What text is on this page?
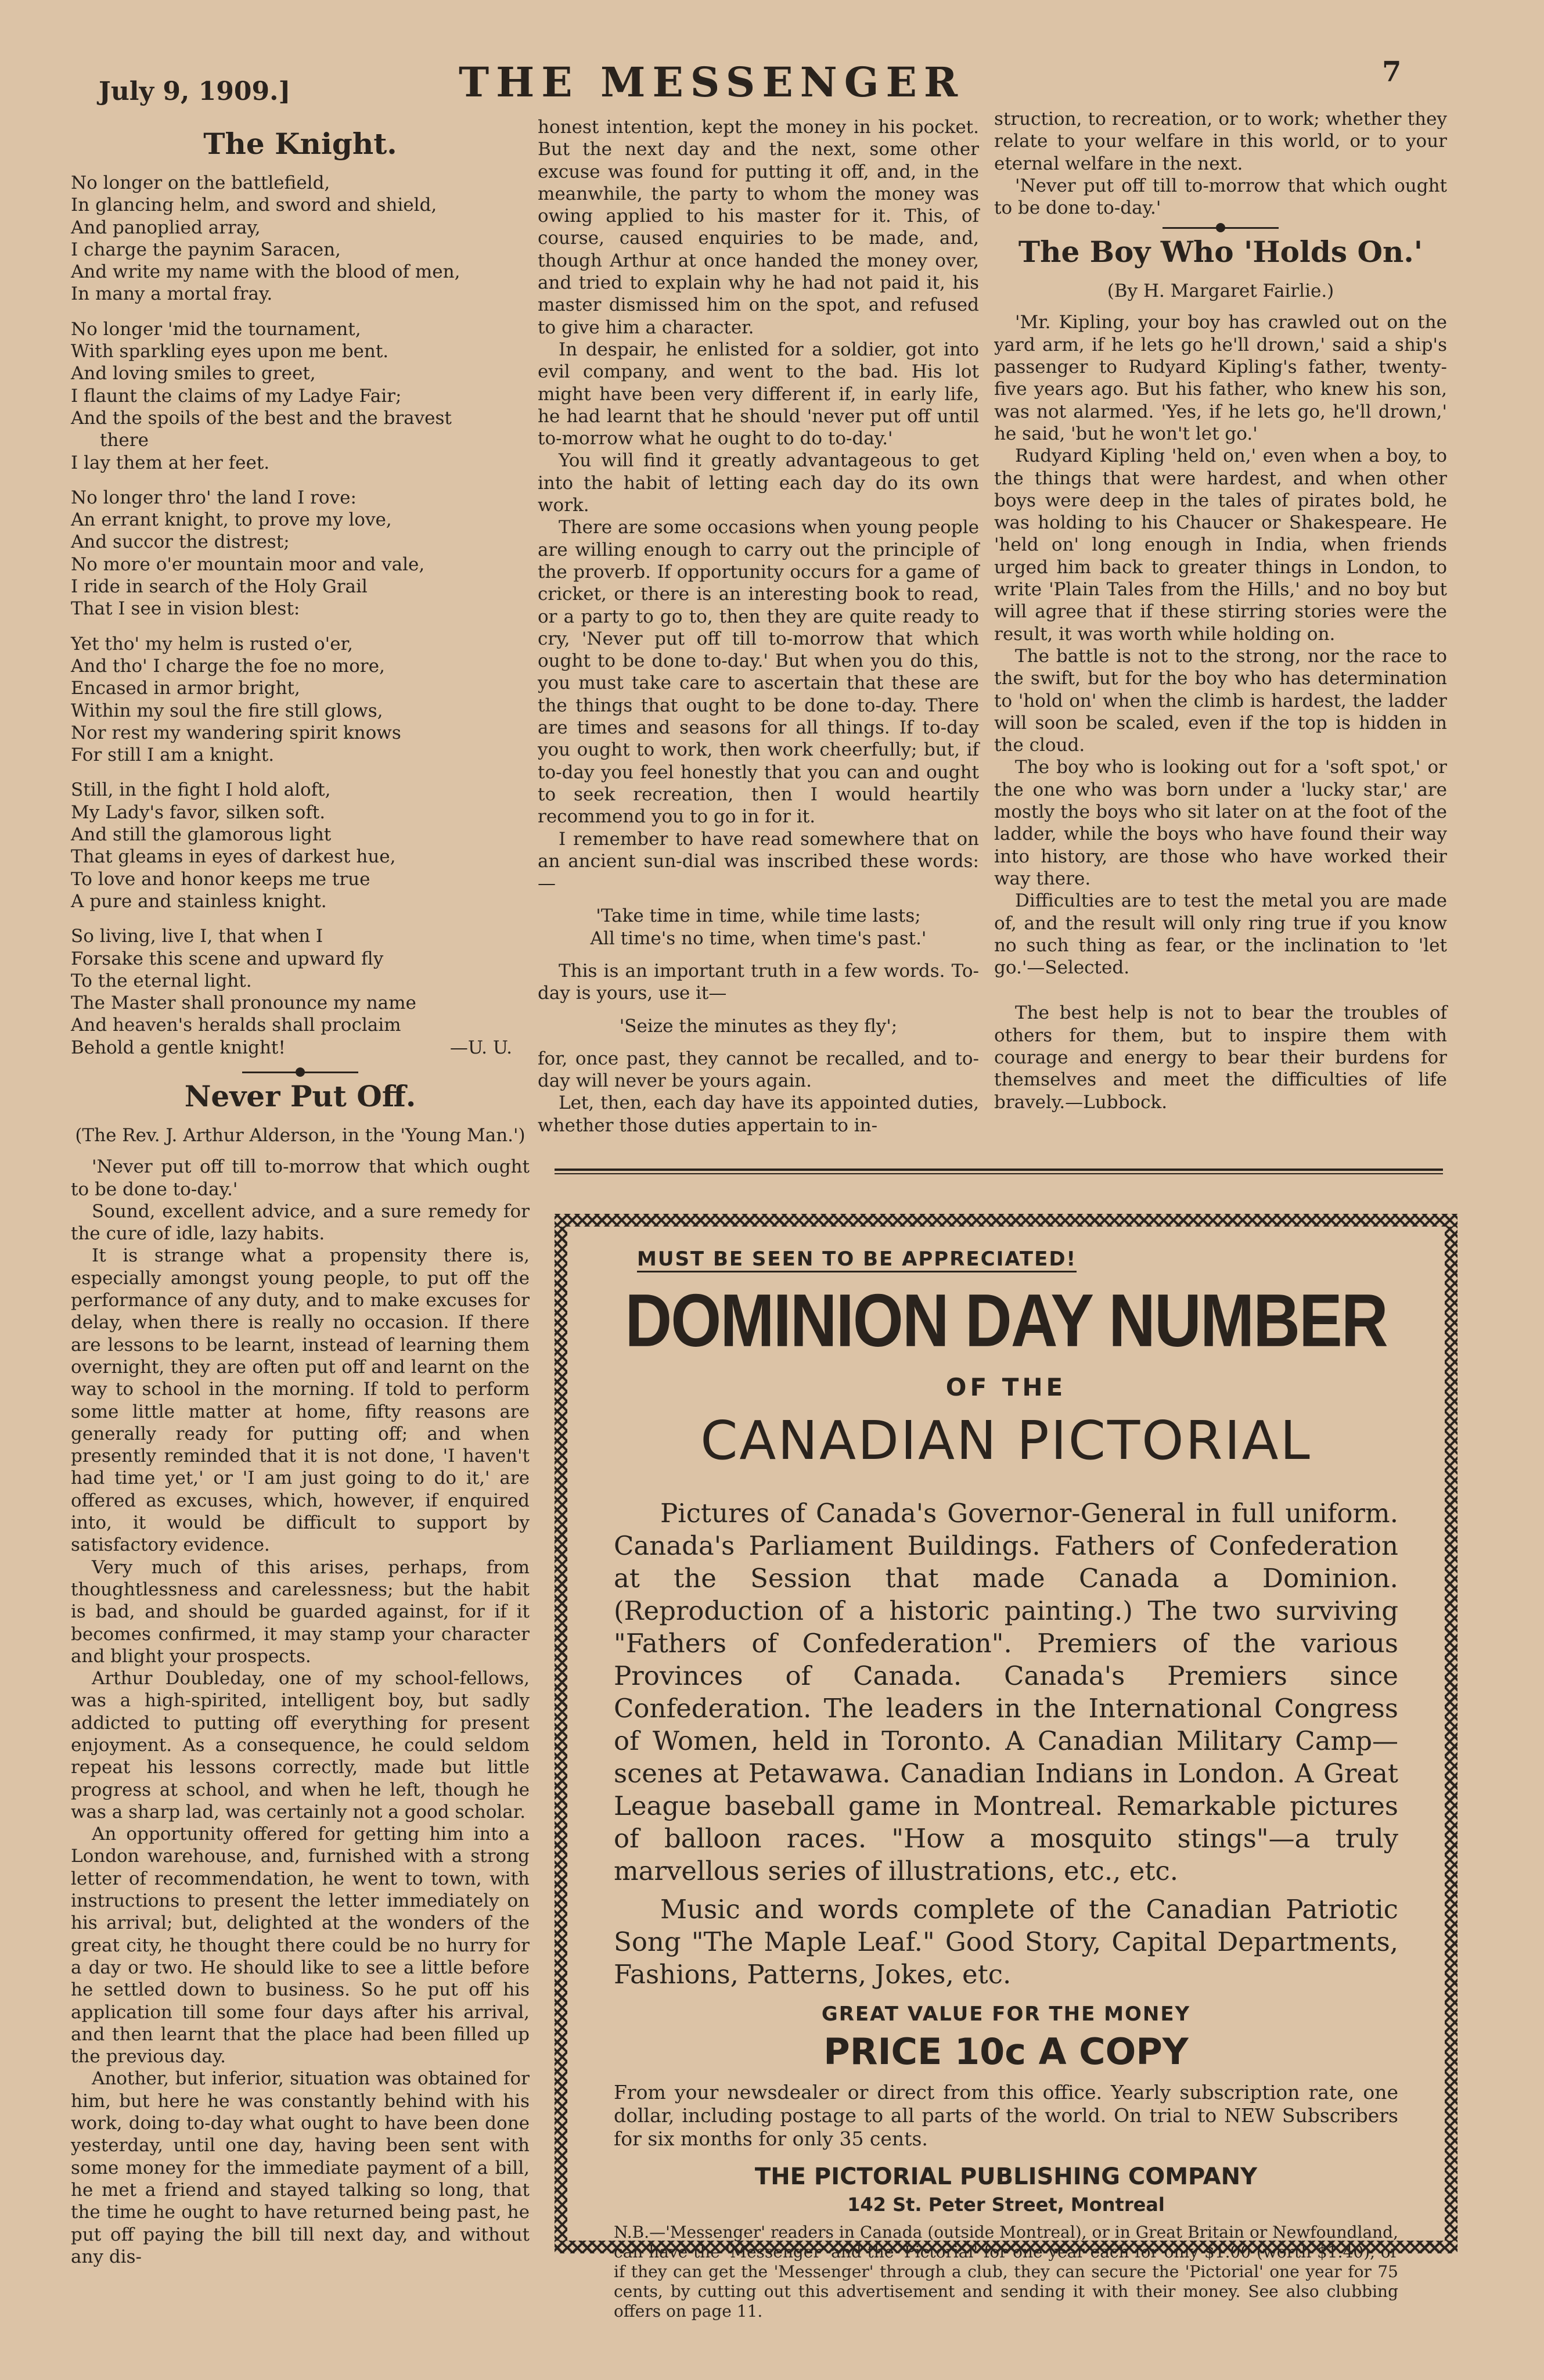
July 9, 1909.]	THE MESSENGER	7
The Knight.
No longer on the battlefield,
In glancing helm, and sword and shield,
And panoplied array,
I charge the paynim Saracen,
And write my name with the blood of men,
In many a mortal fray.
No longer 'mid the tournament,
With sparkling eyes upon me bent.
And loving smiles to greet,
I flaunt the claims of my Ladye Fair;
And the spoils of the best and the bravest
there
I lay them at her feet.
No longer thro' the land I rove:
An errant knight, to prove my love,
And succor the distrest;
No more o'er mountain moor and vale,
I ride in search of the Holy Grail
That I see in vision blest:
Yet tho' my helm is rusted o'er,
And tho' I charge the foe no more,
Encased in armor bright,
Within my soul the fire still glows,
Nor rest my wandering spirit knows
For still I am a knight.
Still, in the fight I hold aloft,
My Lady's favor, silken soft.
And still the glamorous light
That gleams in eyes of darkest hue,
To love and honor keeps me true
A pure and stainless knight.
So living, live I, that when I
Forsake this scene and upward fly
To the eternal light.
The Master shall pronounce my name
And heaven's heralds shall proclaim
Behold a gentle knight!	—U. U.
Never Put Off.
(The Rev. J. Arthur Alderson, in the 'Young Man.')

'Never put off till to-morrow that which ought to be done to-day.'

Sound, excellent advice, and a sure remedy for the cure of idle, lazy habits.

It is strange what a propensity there is, especially amongst young people, to put off the performance of any duty, and to make excuses for delay, when there is really no occasion. If there are lessons to be learnt, instead of learning them overnight, they are often put off and learnt on the way to school in the morning. If told to perform some little matter at home, fifty reasons are generally ready for putting off; and when presently reminded that it is not done, 'I haven't had time yet,' or 'I am just going to do it,' are offered as excuses, which, however, if enquired into, it would be difficult to support by satisfactory evidence.

Very much of this arises, perhaps, from thoughtlessness and carelessness; but the habit is bad, and should be guarded against, for if it becomes confirmed, it may stamp your character and blight your prospects.

Arthur Doubleday, one of my school-fellows, was a high-spirited, intelligent boy, but sadly addicted to putting off everything for present enjoyment. As a consequence, he could seldom repeat his lessons correctly, made but little progress at school, and when he left, though he was a sharp lad, was certainly not a good scholar.

An opportunity offered for getting him into a London warehouse, and, furnished with a strong letter of recommendation, he went to town, with instructions to present the letter immediately on his arrival; but, delighted at the wonders of the great city, he thought there could be no hurry for a day or two. He should like to see a little before he settled down to business. So he put off his application till some four days after his arrival, and then learnt that the place had been filled up the previous day.

Another, but inferior, situation was obtained for him, but here he was constantly behind with his work, doing to-day what ought to have been done yesterday, until one day, having been sent with some money for the immediate payment of a bill, he met a friend and stayed talking so long, that the time he ought to have returned being past, he put off paying the bill till next day, and without any dis-

honest intention, kept the money in his pocket. But the next day and the next, some other excuse was found for putting it off, and, in the meanwhile, the party to whom the money was owing applied to his master for it. This, of course, caused enquiries to be made, and, though Arthur at once handed the money over, and tried to explain why he had not paid it, his master dismissed him on the spot, and refused to give him a character.

In despair, he enlisted for a soldier, got into evil company, and went to the bad. His lot might have been very different if, in early life, he had learnt that he should 'never put off until to-morrow what he ought to do to-day.'

You will find it greatly advantageous to get into the habit of letting each day do its own work.

There are some occasions when young people are willing enough to carry out the principle of the proverb. If opportunity occurs for a game of cricket, or there is an interesting book to read, or a party to go to, then they are quite ready to cry, 'Never put off till to-morrow that which ought to be done to-day.' But when you do this, you must take care to ascertain that these are the things that ought to be done to-day. There are times and seasons for all things. If to-day you ought to work, then work cheerfully; but, if to-day you feel honestly that you can and ought to seek recreation, then I would heartily recommend you to go in for it.

I remember to have read somewhere that on an ancient sun-dial was inscribed these words:—

'Take time in time, while time lasts;
All time's no time, when time's past.'

This is an important truth in a few words. To-day is yours, use it—

'Seize the minutes as they fly';

for, once past, they cannot be recalled, and to-day will never be yours again.

Let, then, each day have its appointed duties, whether those duties appertain to in-

struction, to recreation, or to work; whether they relate to your welfare in this world, or to your eternal welfare in the next.

'Never put off till to-morrow that which ought to be done to-day.'

The Boy Who 'Holds On.'
(By H. Margaret Fairlie.)

'Mr. Kipling, your boy has crawled out on the yard arm, if he lets go he'll drown,' said a ship's passenger to Rudyard Kipling's father, twenty-five years ago. But his father, who knew his son, was not alarmed. 'Yes, if he lets go, he'll drown,' he said, 'but he won't let go.'

Rudyard Kipling 'held on,' even when a boy, to the things that were hardest, and when other boys were deep in the tales of pirates bold, he was holding to his Chaucer or Shakespeare. He 'held on' long enough in India, when friends urged him back to greater things in London, to write 'Plain Tales from the Hills,' and no boy but will agree that if these stirring stories were the result, it was worth while holding on.

The battle is not to the strong, nor the race to the swift, but for the boy who has determination to 'hold on' when the climb is hardest, the ladder will soon be scaled, even if the top is hidden in the cloud.

The boy who is looking out for a 'soft spot,' or the one who was born under a 'lucky star,' are mostly the boys who sit later on at the foot of the ladder, while the boys who have found their way into history, are those who have worked their way there.

Difficulties are to test the metal you are made of, and the result will only ring true if you know no such thing as fear, or the inclination to 'let go.'—Selected.

The best help is not to bear the troubles of others for them, but to inspire them with courage and energy to bear their burdens for themselves and meet the difficulties of life bravely.—Lubbock.

MUST BE SEEN TO BE APPRECIATED!
DOMINION DAY NUMBER
OF THE
CANADIAN PICTORIAL
Pictures of Canada's Governor-General in full uniform. Canada's Parliament Buildings. Fathers of Confederation at the Session that made Canada a Dominion. (Reproduction of a historic painting.) The two surviving "Fathers of Confederation". Premiers of the various Provinces of Canada. Canada's Premiers since Confederation. The leaders in the International Congress of Women, held in Toronto. A Canadian Military Camp—scenes at Petawawa. Canadian Indians in London. A Great League baseball game in Montreal. Remarkable pictures of balloon races. "How a mosquito stings"—a truly marvellous series of illustrations, etc., etc.
Music and words complete of the Canadian Patriotic Song "The Maple Leaf." Good Story, Capital Departments, Fashions, Patterns, Jokes, etc.
GREAT VALUE FOR THE MONEY
PRICE 10c A COPY
From your newsdealer or direct from this office. Yearly subscription rate, one dollar, including postage to all parts of the world. On trial to NEW Subscribers for six months for only 35 cents.
THE PICTORIAL PUBLISHING COMPANY
142 St. Peter Street, Montreal
N.B.—'Messenger' readers in Canada (outside Montreal), or in Great Britain or Newfoundland, can have the 'Messenger' and the 'Pictorial' for one year each for only $1.00 (worth $1.40), or if they can get the 'Messenger' through a club, they can secure the 'Pictorial' one year for 75 cents, by cutting out this advertisement and sending it with their money. See also clubbing offers on page 11.
